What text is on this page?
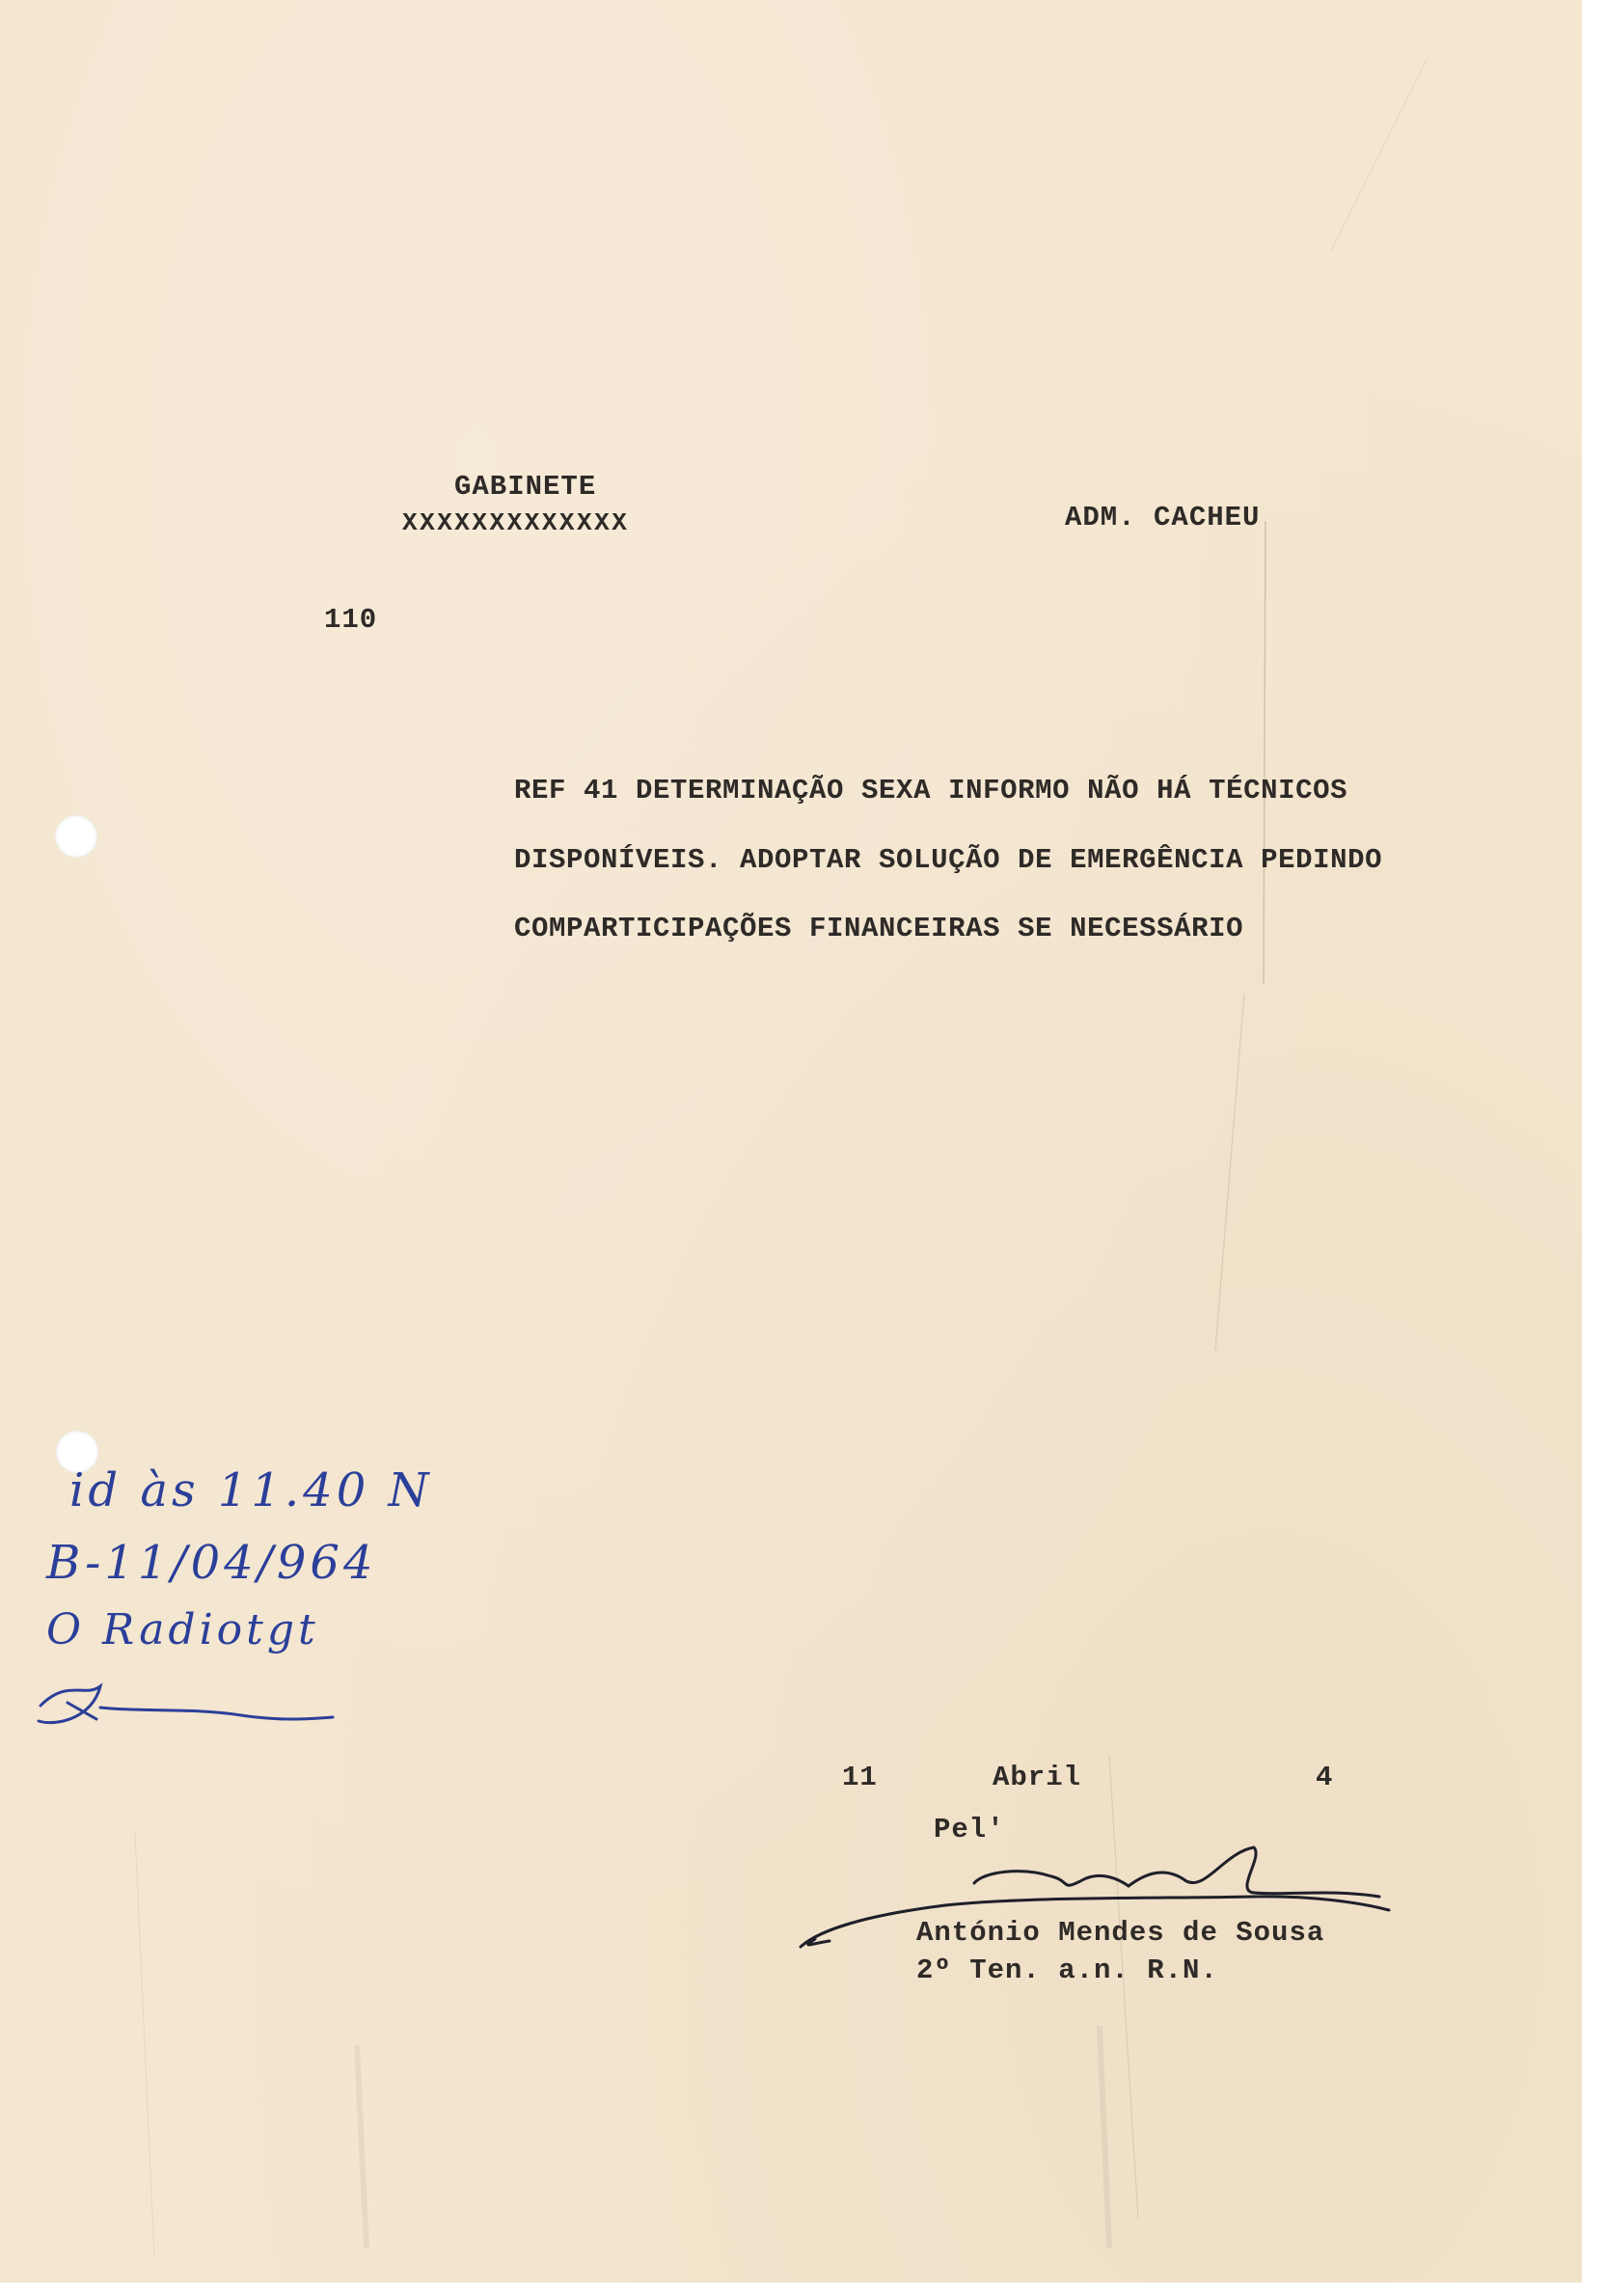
GABINETE
XXXXXXXXXXXXX	ADM. CACHEU
110
REF 41 DETERMINAÇÃO SEXA INFORMO NÃO HÁ TÉCNICOS
DISPONÍVEIS. ADOPTAR SOLUÇÃO DE EMERGÊNCIA PEDINDO
COMPARTICIPAÇÕES FINANCEIRAS SE NECESSÁRIO
id às 11.40 N
B-11/04/964
O Radiotgt
11	Abril	4
Pel'
António Mendes de Sousa
2º Ten. a.n. R.N.
